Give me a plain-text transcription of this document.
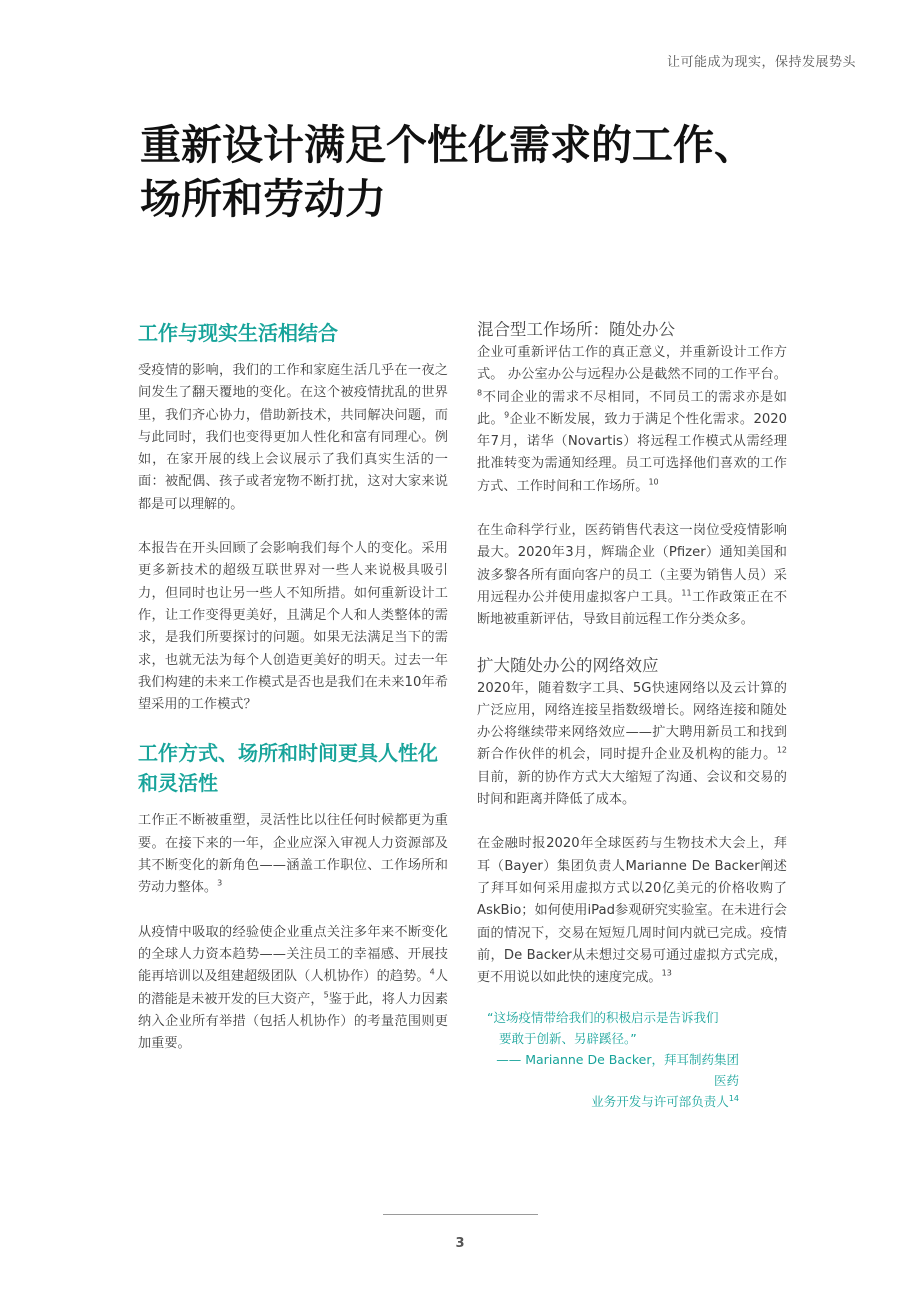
让可能成为现实，保持发展势头
重新设计满足个性化需求的工作、
场所和劳动力
工作与现实生活相结合

受疫情的影响，我们的工作和家庭生活几乎在一夜之间发生了翻天覆地的变化。在这个被疫情扰乱的世界里，我们齐心协力，借助新技术，共同解决问题，而与此同时，我们也变得更加人性化和富有同理心。例如，在家开展的线上会议展示了我们真实生活的一面：被配偶、孩子或者宠物不断打扰，这对大家来说都是可以理解的。

本报告在开头回顾了会影响我们每个人的变化。采用更多新技术的超级互联世界对一些人来说极具吸引力，但同时也让另一些人不知所措。如何重新设计工作，让工作变得更美好，且满足个人和人类整体的需求，是我们所要探讨的问题。如果无法满足当下的需求，也就无法为每个人创造更美好的明天。过去一年我们构建的未来工作模式是否也是我们在未来10年希望采用的工作模式？

工作方式、场所和时间更具人性化和灵活性

工作正不断被重塑，灵活性比以往任何时候都更为重要。在接下来的一年，企业应深入审视人力资源部及其不断变化的新角色——涵盖工作职位、工作场所和劳动力整体。$^3$

从疫情中吸取的经验使企业重点关注多年来不断变化的全球人力资本趋势——关注员工的幸福感、开展技能再培训以及组建超级团队（人机协作）的趋势。$^4$人的潜能是未被开发的巨大资产，$^5$鉴于此，将人力因素纳入企业所有举措（包括人机协作）的考量范围则更加重要。

混合型工作场所：随处办公

企业可重新评估工作的真正意义，并重新设计工作方式。 办公室办公与远程办公是截然不同的工作平台。$^8$不同企业的需求不尽相同，不同员工的需求亦是如此。$^9$企业不断发展，致力于满足个性化需求。2020年7月，诺华（Novartis）将远程工作模式从需经理批准转变为需通知经理。员工可选择他们喜欢的工作方式、工作时间和工作场所。$^{10}$

在生命科学行业，医药销售代表这一岗位受疫情影响最大。2020年3月，辉瑞企业（Pfizer）通知美国和波多黎各所有面向客户的员工（主要为销售人员）采用远程办公并使用虚拟客户工具。$^{11}$工作政策正在不断地被重新评估，导致目前远程工作分类众多。

扩大随处办公的网络效应

2020年，随着数字工具、5G快速网络以及云计算的广泛应用，网络连接呈指数级增长。网络连接和随处办公将继续带来网络效应——扩大聘用新员工和找到新合作伙伴的机会，同时提升企业及机构的能力。$^{12}$目前，新的协作方式大大缩短了沟通、会议和交易的时间和距离并降低了成本。

在金融时报2020年全球医药与生物技术大会上，拜耳（Bayer）集团负责人Marianne De Backer阐述了拜耳如何采用虚拟方式以20亿美元的价格收购了AskBio；如何使用iPad参观研究实验室。在未进行会面的情况下，交易在短短几周时间内就已完成。疫情前，De Backer从未想过交易可通过虚拟方式完成，更不用说以如此快的速度完成。$^{13}$

“这场疫情带给我们的积极启示是告诉我们
要敢于创新、另辟蹊径。”
—— Marianne De Backer，拜耳制药集团医药
业务开发与许可部负责人$^{14}$
3
